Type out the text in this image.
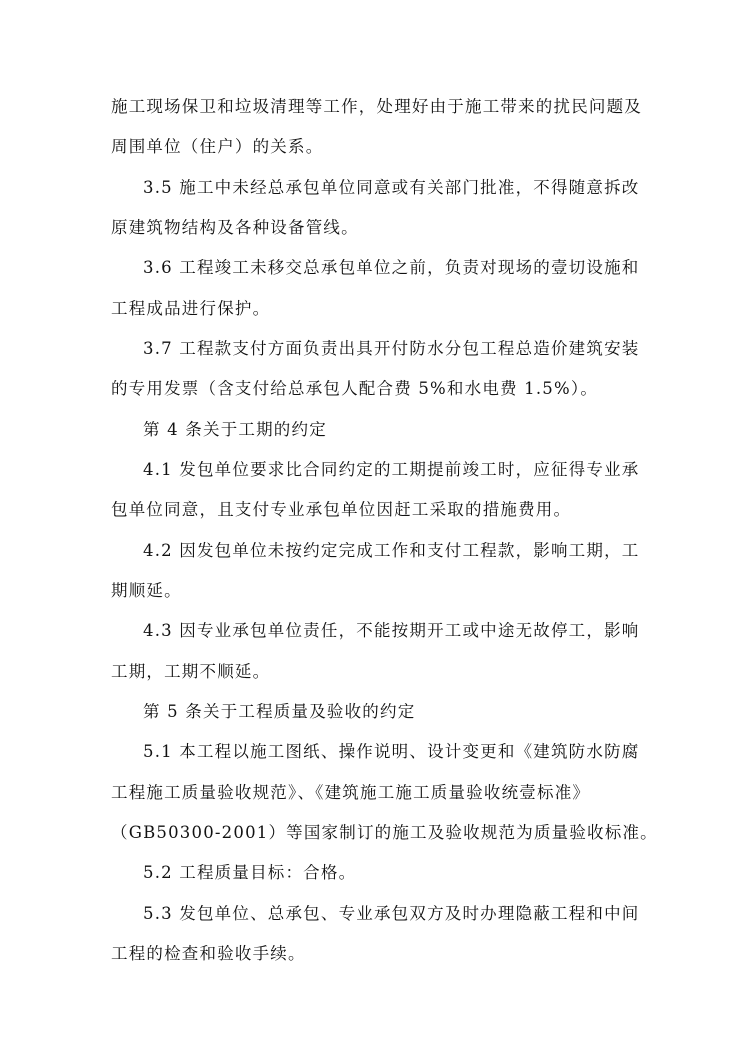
施工现场保卫和垃圾清理等工作，处理好由于施工带来的扰民问题及
周围单位（住户）的关系。
3.5 施工中未经总承包单位同意或有关部门批准，不得随意拆改
原建筑物结构及各种设备管线。
3.6 工程竣工未移交总承包单位之前，负责对现场的壹切设施和
工程成品进行保护。
3.7 工程款支付方面负责出具开付防水分包工程总造价建筑安装
的专用发票（含支付给总承包人配合费 5%和水电费 1.5%）。
第 4 条关于工期的约定
4.1 发包单位要求比合同约定的工期提前竣工时，应征得专业承
包单位同意，且支付专业承包单位因赶工采取的措施费用。
4.2 因发包单位未按约定完成工作和支付工程款，影响工期，工
期顺延。
4.3 因专业承包单位责任，不能按期开工或中途无故停工，影响
工期，工期不顺延。
第 5 条关于工程质量及验收的约定
5.1 本工程以施工图纸、操作说明、设计变更和《建筑防水防腐
工程施工质量验收规范》、《建筑施工施工质量验收统壹标准》
（GB50300-2001）等国家制订的施工及验收规范为质量验收标准。
5.2 工程质量目标：合格。
5.3 发包单位、总承包、专业承包双方及时办理隐蔽工程和中间
工程的检查和验收手续。
